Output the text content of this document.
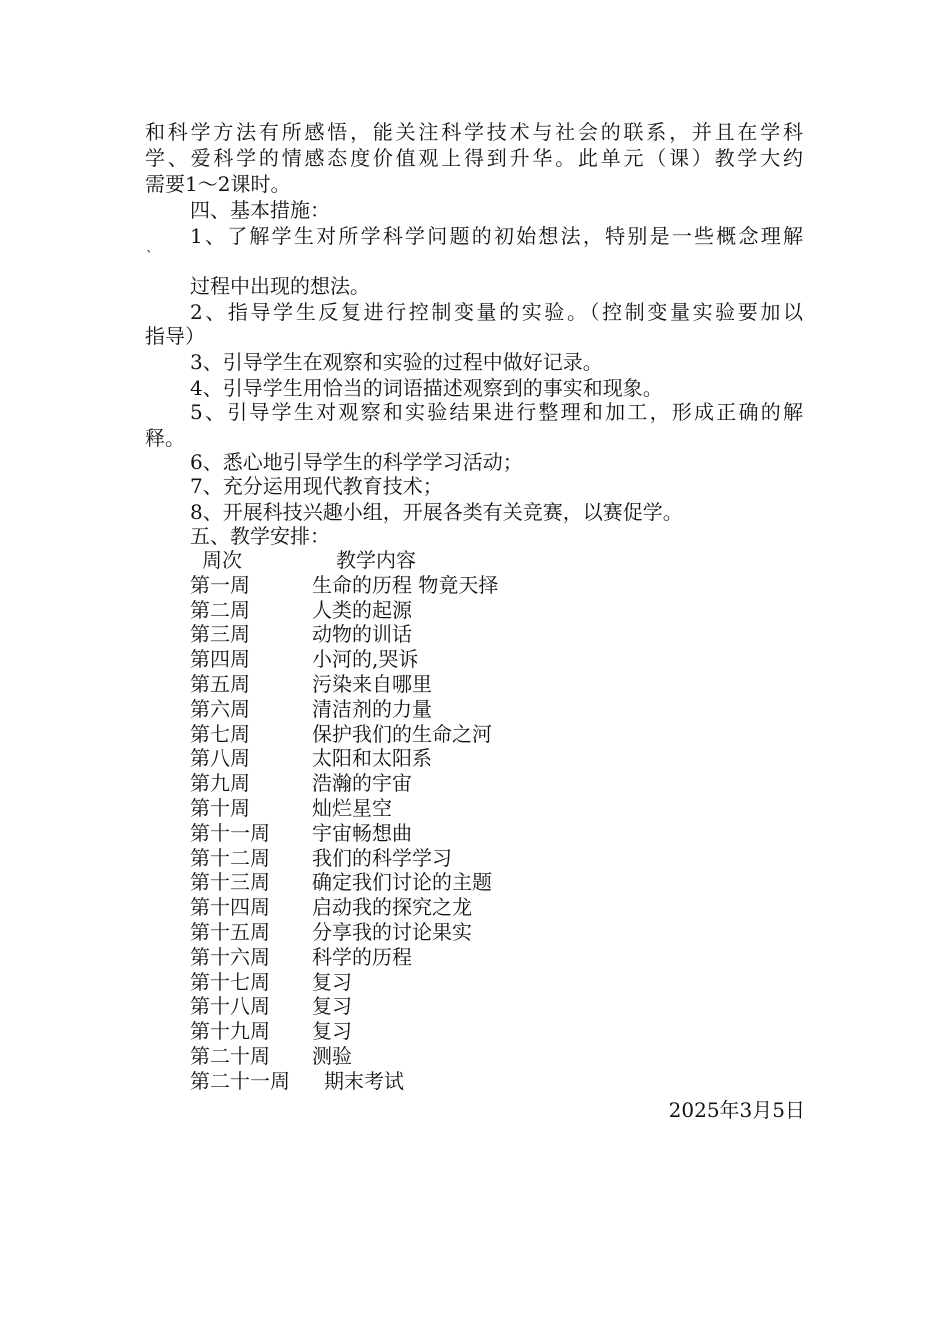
和科学方法有所感悟，能关注科学技术与社会的联系，并且在学科
学、爱科学的情感态度价值观上得到升华。此单元（课）教学大约
需要1～2课时。
四、基本措施：
1、了解学生对所学科学问题的初始想法，特别是一些概念理解
`
过程中出现的想法。
2、指导学生反复进行控制变量的实验。（控制变量实验要加以
指导）
3、引导学生在观察和实验的过程中做好记录。
4、引导学生用恰当的词语描述观察到的事实和现象。
5、引导学生对观察和实验结果进行整理和加工，形成正确的解
释。
6、悉心地引导学生的科学学习活动；
7、充分运用现代教育技术；
8、开展科技兴趣小组，开展各类有关竞赛，以赛促学。
五、教学安排：
周次	教学内容
第一周	生命的历程 物竟天择
第二周	人类的起源
第三周	动物的训话
第四周	小河的,哭诉
第五周	污染来自哪里
第六周	清洁剂的力量
第七周	保护我们的生命之河
第八周	太阳和太阳系
第九周	浩瀚的宇宙
第十周	灿烂星空
第十一周 宇宙畅想曲
第十二周 我们的科学学习
第十三周 确定我们讨论的主题
第十四周 启动我的探究之龙
第十五周 分享我的讨论果实
第十六周 科学的历程
第十七周 复习
第十八周 复习
第十九周 复习
第二十周 测验
第二十一周 期末考试
2025年3月5日
